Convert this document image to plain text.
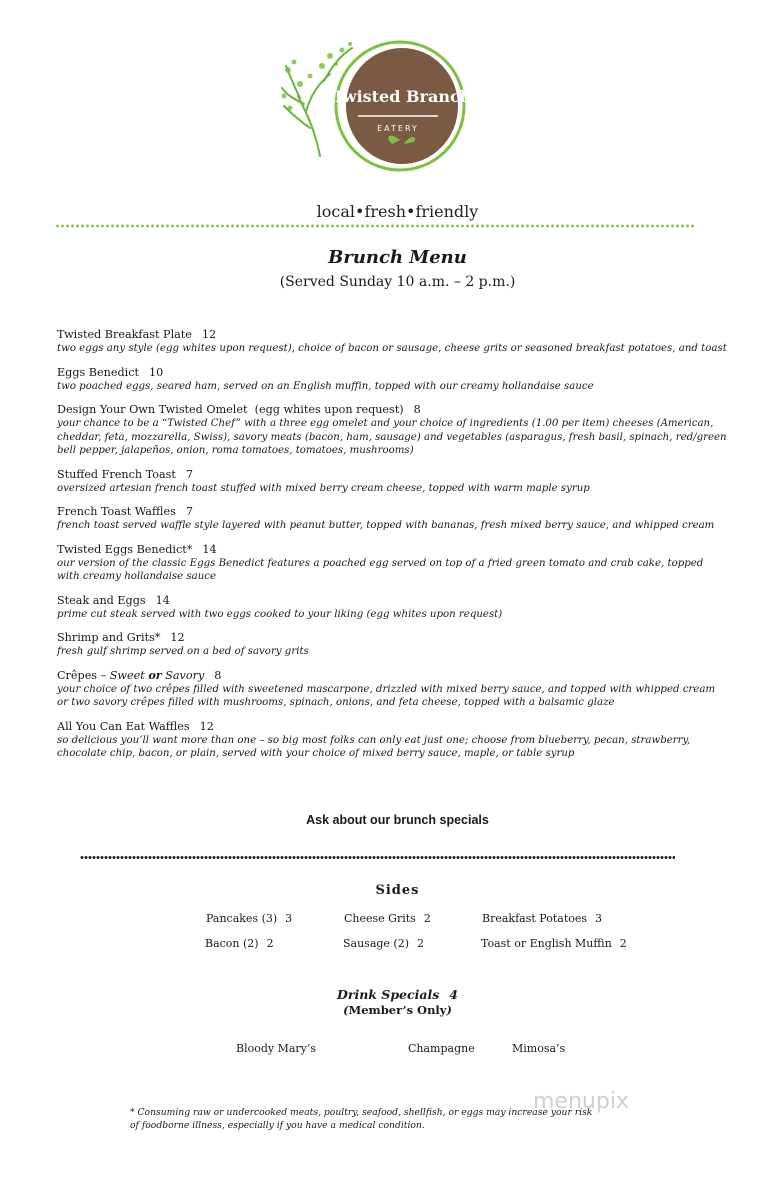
Twisted Branch
EATERY
local•fresh•friendly
Brunch Menu
(Served Sunday 10 a.m. – 2 p.m.)
Twisted Breakfast Plate 12
two eggs any style (egg whites upon request), choice of bacon or sausage, cheese grits or seasoned breakfast potatoes, and toast
Eggs Benedict 10
two poached eggs, seared ham, served on an English muffin, topped with our creamy hollandaise sauce
Design Your Own Twisted Omelet  (egg whites upon request) 8
your chance to be a “Twisted Chef” with a three egg omelet and your choice of ingredients (1.00 per item) cheeses (American, cheddar, feta, mozzarella, Swiss), savory meats (bacon, ham, sausage) and vegetables (asparagus, fresh basil, spinach, red/green bell pepper, jalapeños, onion, roma tomatoes, tomatoes, mushrooms)
Stuffed French Toast 7
oversized artesian french toast stuffed with mixed berry cream cheese, topped with warm maple syrup
French Toast Waffles 7
french toast served waffle style layered with peanut butter, topped with bananas, fresh mixed berry sauce, and whipped cream
Twisted Eggs Benedict* 14
our version of the classic Eggs Benedict features a poached egg served on top of a fried green tomato and crab cake, topped with creamy hollandaise sauce
Steak and Eggs 14
prime cut steak served with two eggs cooked to your liking (egg whites upon request)
Shrimp and Grits* 12
fresh gulf shrimp served on a bed of savory grits
Crêpes – Sweet or Savory 8
your choice of two crêpes filled with sweetened mascarpone, drizzled with mixed berry sauce, and topped with whipped cream
or two savory crêpes filled with mushrooms, spinach, onions, and feta cheese, topped with a balsamic glaze
All You Can Eat Waffles 12
so delicious you’ll want more than one – so big most folks can only eat just one; choose from blueberry, pecan, strawberry, chocolate chip, bacon, or plain, served with your choice of mixed berry sauce, maple, or table syrup
Ask about our brunch specials
Sides
Pancakes (3) 3	Cheese Grits 2	Breakfast Potatoes 3
Bacon (2) 2	Sausage (2) 2	Toast or English Muffin 2
Drink Specials 4
(Member’s Only)
Bloody Mary’s	Champagne	Mimosa’s
* Consuming raw or undercooked meats, poultry, seafood, shellfish, or eggs may increase your risk of foodborne illness, especially if you have a medical condition.
menupix
